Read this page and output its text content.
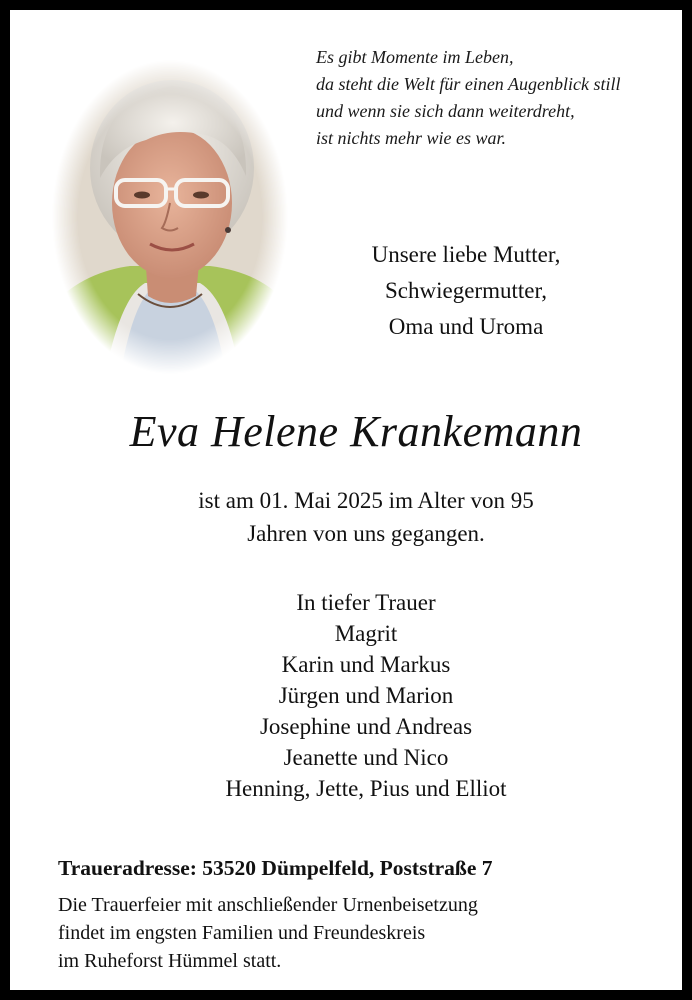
Es gibt Momente im Leben,
da steht die Welt für einen Augenblick still
und wenn sie sich dann weiterdreht,
ist nichts mehr wie es war.
Unsere liebe Mutter,
Schwiegermutter,
Oma und Uroma
Eva Helene Krankemann
ist am 01. Mai 2025 im Alter von 95
Jahren von uns gegangen.
In tiefer Trauer
Magrit
Karin und Markus
Jürgen und Marion
Josephine und Andreas
Jeanette und Nico
Henning, Jette, Pius und Elliot
Traueradresse: 53520 Dümpelfeld, Poststraße 7
Die Trauerfeier mit anschließender Urnenbeisetzung
findet im engsten Familien und Freundeskreis
im Ruheforst Hümmel statt.
